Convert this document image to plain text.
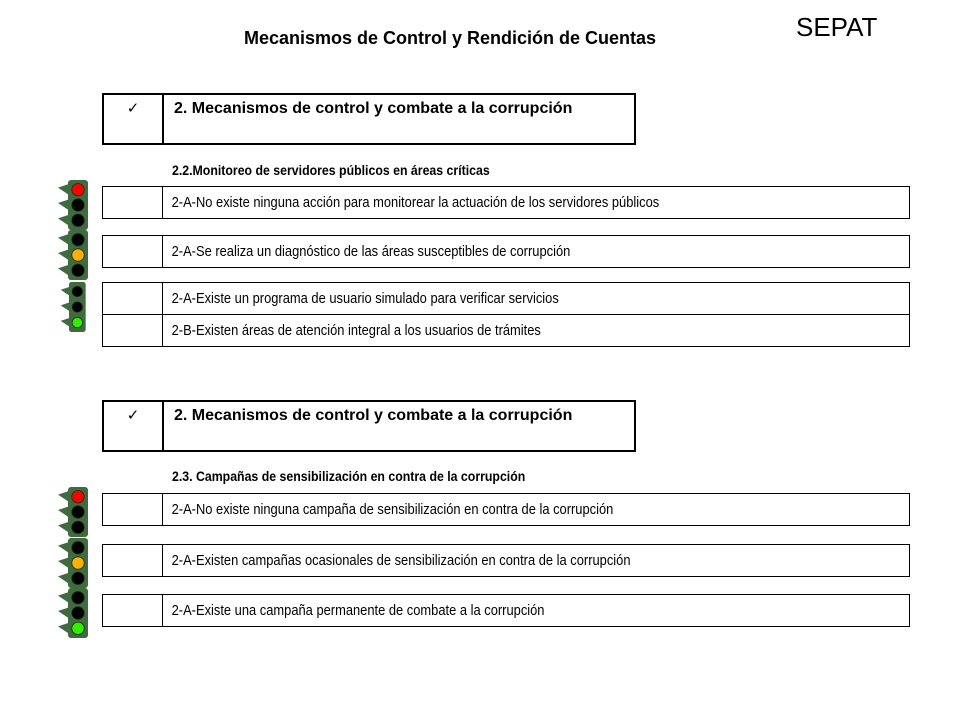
Mecanismos de Control y Rendición de Cuentas	SEPAT
✓	2. Mecanismos de control y combate a la corrupción
2.2.Monitoreo de servidores públicos en áreas críticas
2-A-No existe ninguna acción para monitorear la actuación de los servidores públicos
2-A-Se realiza un diagnóstico de las áreas susceptibles de corrupción
2-A-Existe un programa de usuario simulado para verificar servicios
2-B-Existen áreas de atención integral a los usuarios de trámites
✓	2. Mecanismos de control y combate a la corrupción
2.3. Campañas de sensibilización en contra de la corrupción
2-A-No existe ninguna campaña de sensibilización en contra de la corrupción
2-A-Existen campañas ocasionales de sensibilización en contra de la corrupción
2-A-Existe una campaña permanente de combate a la corrupción
